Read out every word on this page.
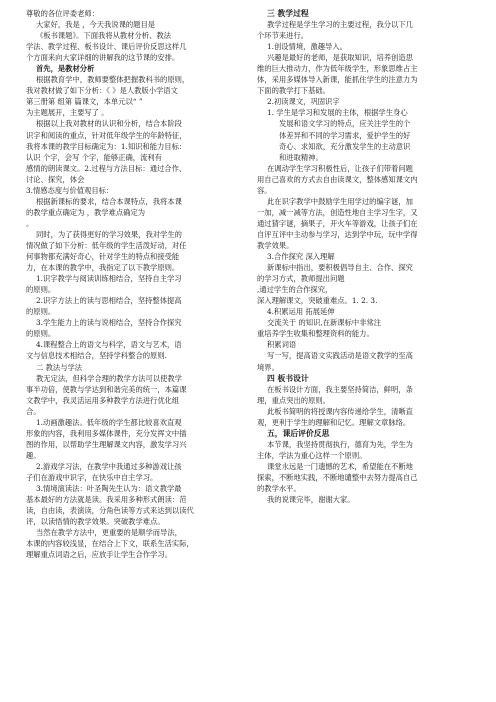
尊敬的各位评委老师：
大家好，我是 ，今天我说课的题目是
《板书课题》。下面我将从教材分析、教法
学法、教学过程、板书设计、课后评价反思这样几
个方面来向大家详细的讲解我的这节课的安排。
首先，是教材分析
根据教育学中，教师要整体把握教科书的原则，
我对教材做了如下分析：《 》是人教版小学语文
第三册第 组第 篇课文，本单元以“ ”
为主题展开，主要写了 。
根据以上我对教材的认识和分析，结合本阶段
识字和阅读的重点，针对低年级学生的年龄特征，
我将本课的教学目标确定为：1.知识和能力目标：
认识 个字，会写 个字，能够正确，流利有
感情的朗读课文。2.过程与方法目标：通过合作、
讨论、探究，体会
3.情感态度与价值观目标：
根据新课标的要求，结合本课特点，我将本课
的教学重点确定为 ，教学难点确定为
。
同时，为了获得更好的学习效果，我对学生的
情况做了如下分析：低年级的学生活泼好动，对任
何事物都充满好奇心，针对学生的特点和接受能
力，在本课的教学中，我指定了以下教学原则。
1.识字教学与阅读训练相结合，坚持自主学习
的原则。
2.识字方法上的读与思相结合，坚持整体提高
的原则。
3.学生能力上的读与说相结合，坚持合作探究
的原则。
4.课程整合上的语文与科学，语文与艺术，语
文与信息技术相结合，坚持学科整合的原则.
二 教法与学法
教无定法，但科学合理的教学方法可以使教学
事半功倍，使教与学达到和谐完美的统一，本篇课
文教学中，我灵活运用多种教学方法进行优化组
合。
1.动画激趣法。低年级的学生都比较喜欢直观
形象的内容，我利用多媒体课件，充分发挥文中插
图的作用，以帮助学生理解课文内容，激发学习兴
趣。
2.游戏学习法，在教学中我通过多种游戏让孩
子们在游戏中识字，在快乐中自主学习。
3.情境演读法：叶圣陶先生认为：语文教学最
基本最好的方法就是读。我采用多种形式朗读：范
读，自由读，表演读，分角色读等方式来达到以读代
评，以读悟情的教学效果。突破教学难点。
当然在教学方法中，更重要的是顺学而导法，
本课的内容较浅显，在结合上下文，联系生活实际，
理解重点词语之后，应放手让学生合作学习。
三 教学过程
教学过程是学生学习的主要过程，我分以下几
个环节来进行。
1.创设情境，激趣导入。
兴趣是最好的老师，是获取知识，培养创造思
维的巨大推动力，作为低年级学生，形象思维占主
体，采用多媒体导入新课，能抓住学生的注意力为
下面的教学打下基础。
2.初读课文，巩固识字
1. 学生是学习和发展的主体，根据学生身心
发展和语文学习的特点，应关注学生的个
体差异和不同的学习需求，爱护学生的好
奇心、求知欲，充分激发学生的主动意识
和进取精神。
在调动学生学习积极性后，让孩子们带着问题
用自己喜欢的方式去自由读课文，整体感知课文内
容。
此在识字教学中鼓励学生用学过的编字谜，加
一加，减一减等方法，创造性地自主学习生字，又
通过猜字谜，摘果子，开火车等游戏，让孩子们在
自评互评中主动参与学习，达到学中玩，玩中学得
教学效果。
3.合作探究 深入理解
新课标中指出，要积极倡导自主、合作、探究
的学习方式，教师提出问题
,通过学生的合作探究，
深入理解课文，突破重难点。1. 2. 3.
4.积累运用 拓展延伸
交流关于 的知识,在新课标中非常注
重培养学生收集和整理资料的能力。
积累词语
写一写，提高语文实践活动是语文教学的至高
境界。
四 板书设计
在板书设计方面，我主要坚持简洁，鲜明，条
理，重点突出的原则。
此板书简明的将授课内容传递给学生，清晰直
观，更利于学生的理解和记忆。理解文章脉络。
五，课后评价反思
本节课，我坚持贯彻执行，德育为先，学生为
主体，学法为重心这样一个原则。
课堂永远是一门遗憾的艺术，希望能在不断地
探索，不断地实践，不断地谴整中去努力提高自己
的教学水平。
我的说课完毕，谢谢大家。
